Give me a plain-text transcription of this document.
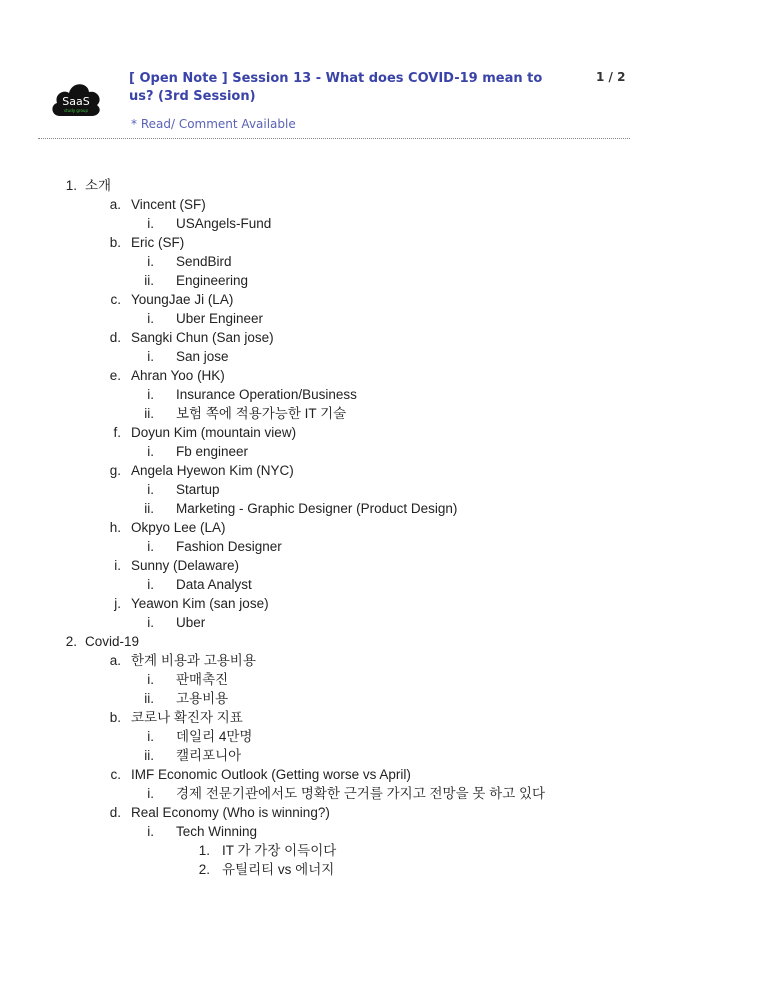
SaaS
study group
[ Open Note ] Session 13 - What does COVID-19 mean to us? (3rd Session)
1 / 2
* Read/ Comment Available
1. 소개
a. Vincent (SF)
i. USAngels-Fund
b. Eric (SF)
i. SendBird
ii. Engineering
c. YoungJae Ji (LA)
i. Uber Engineer
d. Sangki Chun (San jose)
i. San jose
e. Ahran Yoo (HK)
i. Insurance Operation/Business
ii. 보험 쪽에 적용가능한 IT 기술
f. Doyun Kim (mountain view)
i. Fb engineer
g. Angela Hyewon Kim (NYC)
i. Startup
ii. Marketing - Graphic Designer (Product Design)
h. Okpyo Lee (LA)
i. Fashion Designer
i. Sunny (Delaware)
i. Data Analyst
j. Yeawon Kim (san jose)
i. Uber
2. Covid-19
a. 한계 비용과 고용비용
i. 판매촉진
ii. 고용비용
b. 코로나 확진자 지표
i. 데일리 4만명
ii. 캘리포니아
c. IMF Economic Outlook (Getting worse vs April)
i. 경제 전문기관에서도 명확한 근거를 가지고 전망을 못 하고 있다
d. Real Economy (Who is winning?)
i. Tech Winning
1. IT 가 가장 이득이다
2. 유틸리티 vs 에너지
